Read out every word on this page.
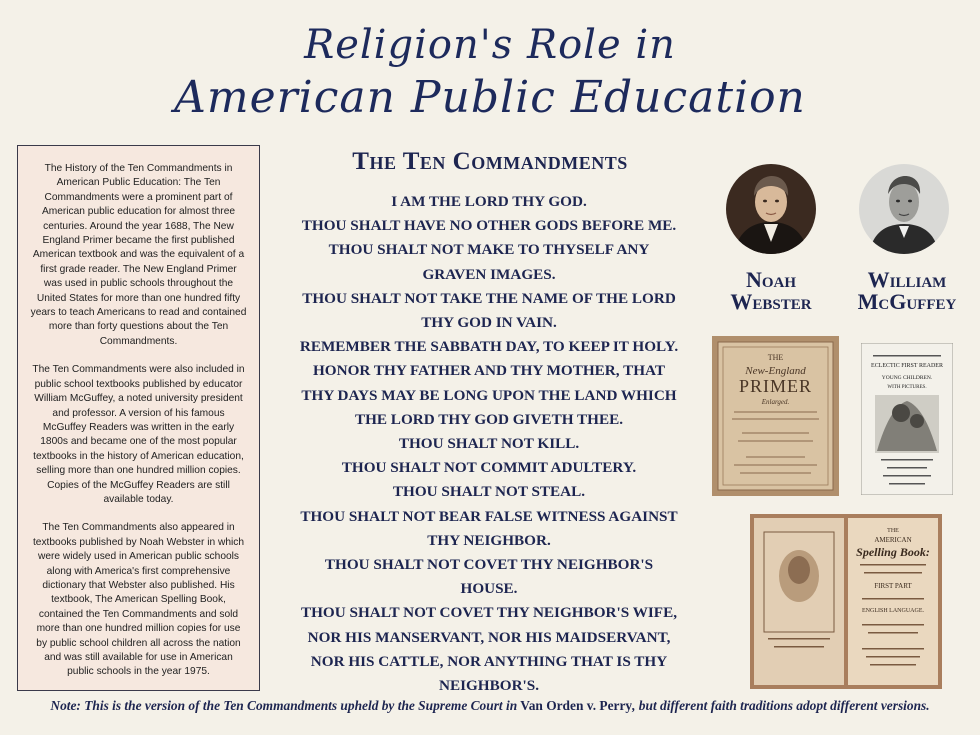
Religion's Role in
American Public Education

The History of the Ten Commandments in American Public Education: The Ten Commandments were a prominent part of American public education for almost three centuries. Around the year 1688, The New England Primer became the first published American textbook and was the equivalent of a first grade reader. The New England Primer was used in public schools throughout the United States for more than one hundred fifty years to teach Americans to read and contained more than forty questions about the Ten Commandments.

The Ten Commandments were also included in public school textbooks published by educator William McGuffey, a noted university president and professor. A version of his famous McGuffey Readers was written in the early 1800s and became one of the most popular textbooks in the history of American education, selling more than one hundred million copies. Copies of the McGuffey Readers are still available today.

The Ten Commandments also appeared in textbooks published by Noah Webster in which were widely used in American public schools along with America's first comprehensive dictionary that Webster also published. His textbook, The American Spelling Book, contained the Ten Commandments and sold more than one hundred million copies for use by public school children all across the nation and was still available for use in American public schools in the year 1975.

The Ten Commandments
I AM THE LORD THY GOD.
THOU SHALT HAVE NO OTHER GODS BEFORE ME.
THOU SHALT NOT MAKE TO THYSELF ANY
GRAVEN IMAGES.
THOU SHALT NOT TAKE THE NAME OF THE LORD
THY GOD IN VAIN.
REMEMBER THE SABBATH DAY, TO KEEP IT HOLY.
HONOR THY FATHER AND THY MOTHER, THAT
THY DAYS MAY BE LONG UPON THE LAND WHICH
THE LORD THY GOD GIVETH THEE.
THOU SHALT NOT KILL.
THOU SHALT NOT COMMIT ADULTERY.
THOU SHALT NOT STEAL.
THOU SHALT NOT BEAR FALSE WITNESS AGAINST
THY NEIGHBOR.
THOU SHALT NOT COVET THY NEIGHBOR'S
HOUSE.
THOU SHALT NOT COVET THY NEIGHBOR'S WIFE,
NOR HIS MANSERVANT, NOR HIS MAIDSERVANT,
NOR HIS CATTLE, NOR ANYTHING THAT IS THY
NEIGHBOR'S.
Noah
Webster
William
McGuffey
THE
New-England
PRIMER
Enlarged.
ECLECTIC FIRST READER
YOUNG CHILDREN.
WITH PICTURES.
THE
AMERICAN
Spelling Book:
FIRST PART
ENGLISH LANGUAGE.
Note: This is the version of the Ten Commandments upheld by the Supreme Court in Van Orden v. Perry, but different faith traditions adopt different versions.
